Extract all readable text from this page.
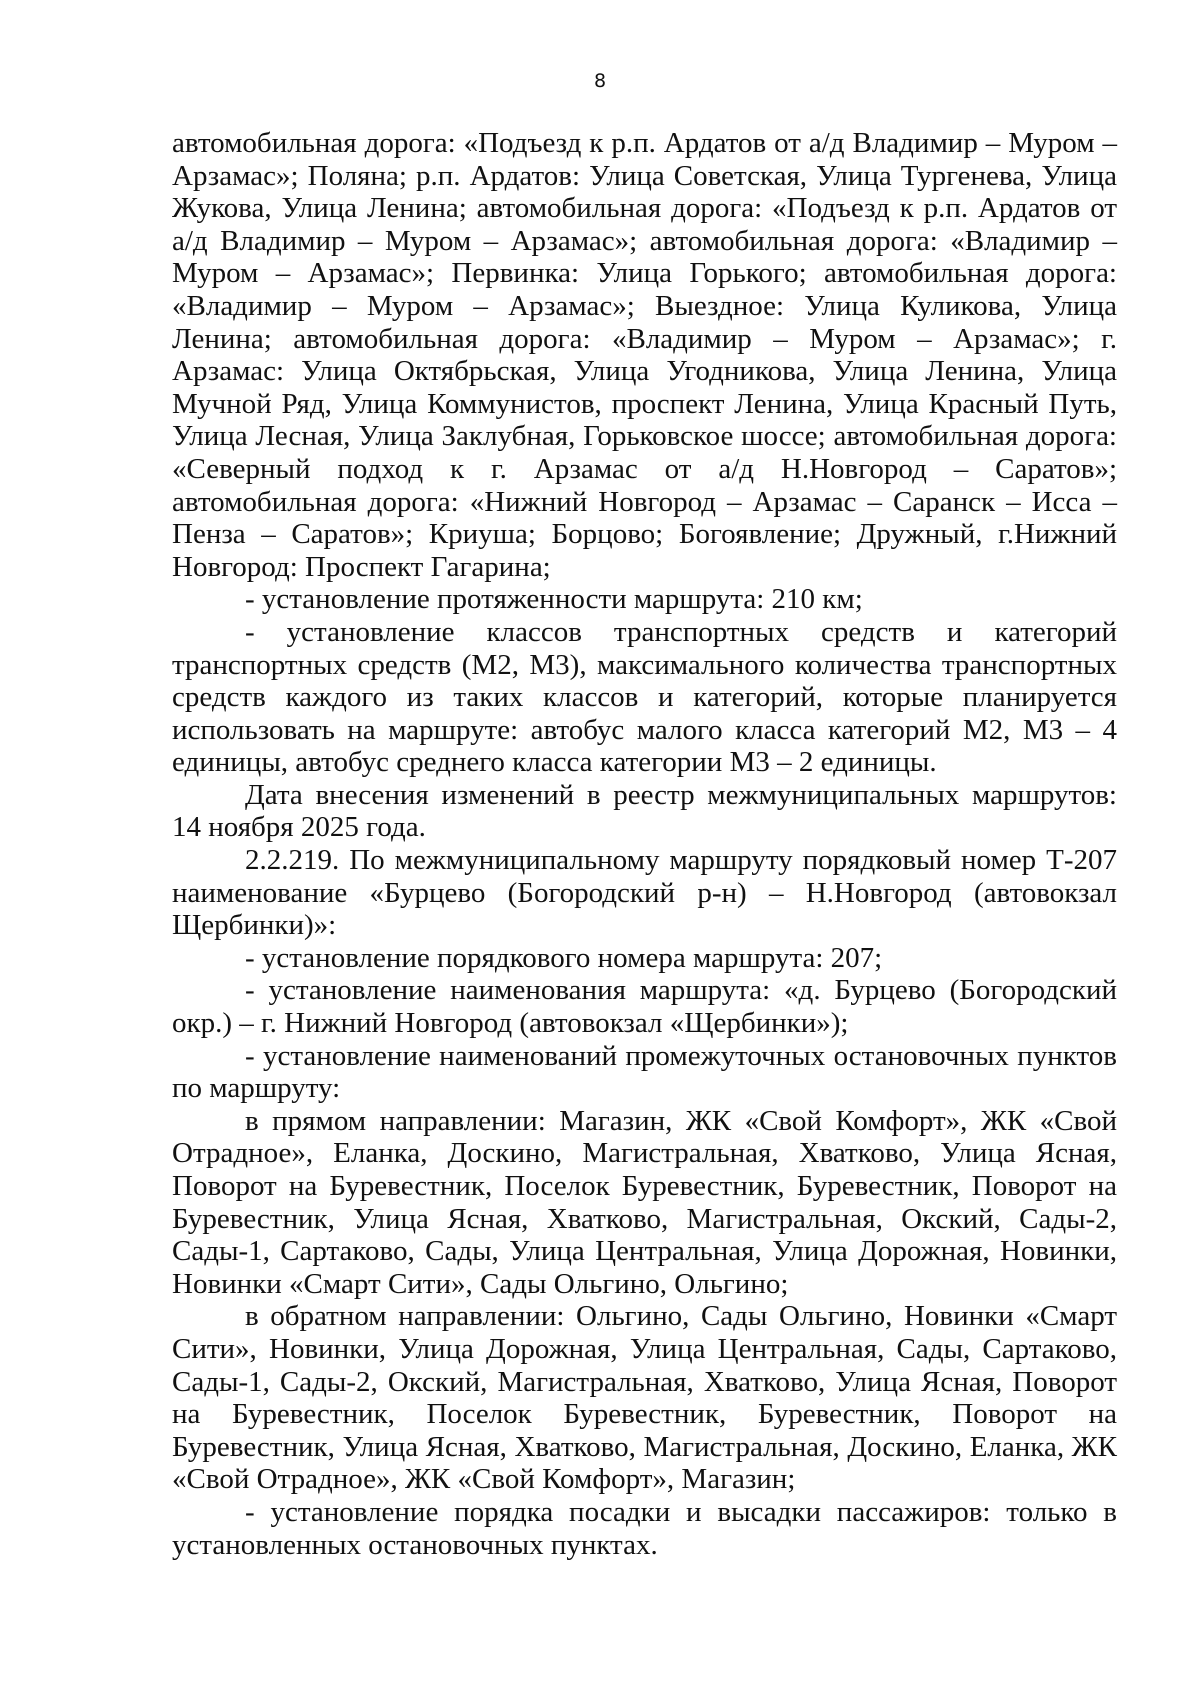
8

автомобильная дорога: «Подъезд к р.п. Ардатов от а/д Владимир – Муром – Арзамас»; Поляна; р.п. Ардатов: Улица Советская, Улица Тургенева, Улица Жукова, Улица Ленина; автомобильная дорога: «Подъезд к р.п. Ардатов от а/д Владимир – Муром – Арзамас»; автомобильная дорога: «Владимир – Муром – Арзамас»; Первинка: Улица Горького; автомобильная дорога: «Владимир – Муром – Арзамас»; Выездное: Улица Куликова, Улица Ленина; автомобильная дорога: «Владимир – Муром – Арзамас»; г. Арзамас: Улица Октябрьская, Улица Угодникова, Улица Ленина, Улица Мучной Ряд, Улица Коммунистов, проспект Ленина, Улица Красный Путь, Улица Лесная, Улица Заклубная, Горьковское шоссе; автомобильная дорога: «Северный подход к г. Арзамас от а/д Н.Новгород – Саратов»; автомобильная дорога: «Нижний Новгород – Арзамас – Саранск – Исса – Пенза – Саратов»; Криуша; Борцово; Богоявление; Дружный, г.Нижний Новгород: Проспект Гагарина;

- установление протяженности маршрута: 210 км;

- установление классов транспортных средств и категорий транспортных средств (М2, М3), максимального количества транспортных средств каждого из таких классов и категорий, которые планируется использовать на маршруте: автобус малого класса категорий М2, М3 – 4 единицы, автобус среднего класса категории М3 – 2 единицы.

Дата внесения изменений в реестр межмуниципальных маршрутов: 14 ноября 2025 года.

2.2.219. По межмуниципальному маршруту порядковый номер Т-207 наименование «Бурцево (Богородский р-н) – Н.Новгород (автовокзал Щербинки)»:

- установление порядкового номера маршрута: 207;

- установление наименования маршрута: «д. Бурцево (Богородский окр.) – г. Нижний Новгород (автовокзал «Щербинки»);

- установление наименований промежуточных остановочных пунктов по маршруту:

в прямом направлении: Магазин, ЖК «Свой Комфорт», ЖК «Свой Отрадное», Еланка, Доскино, Магистральная, Хватково, Улица Ясная, Поворот на Буревестник, Поселок Буревестник, Буревестник, Поворот на Буревестник, Улица Ясная, Хватково, Магистральная, Окский, Сады-2, Сады-1, Сартаково, Сады, Улица Центральная, Улица Дорожная, Новинки, Новинки «Смарт Сити», Сады Ольгино, Ольгино;

в обратном направлении: Ольгино, Сады Ольгино, Новинки «Смарт Сити», Новинки, Улица Дорожная, Улица Центральная, Сады, Сартаково, Сады-1, Сады-2, Окский, Магистральная, Хватково, Улица Ясная, Поворот на Буревестник, Поселок Буревестник, Буревестник, Поворот на Буревестник, Улица Ясная, Хватково, Магистральная, Доскино, Еланка, ЖК «Свой Отрадное», ЖК «Свой Комфорт», Магазин;

- установление порядка посадки и высадки пассажиров: только в установленных остановочных пунктах.
